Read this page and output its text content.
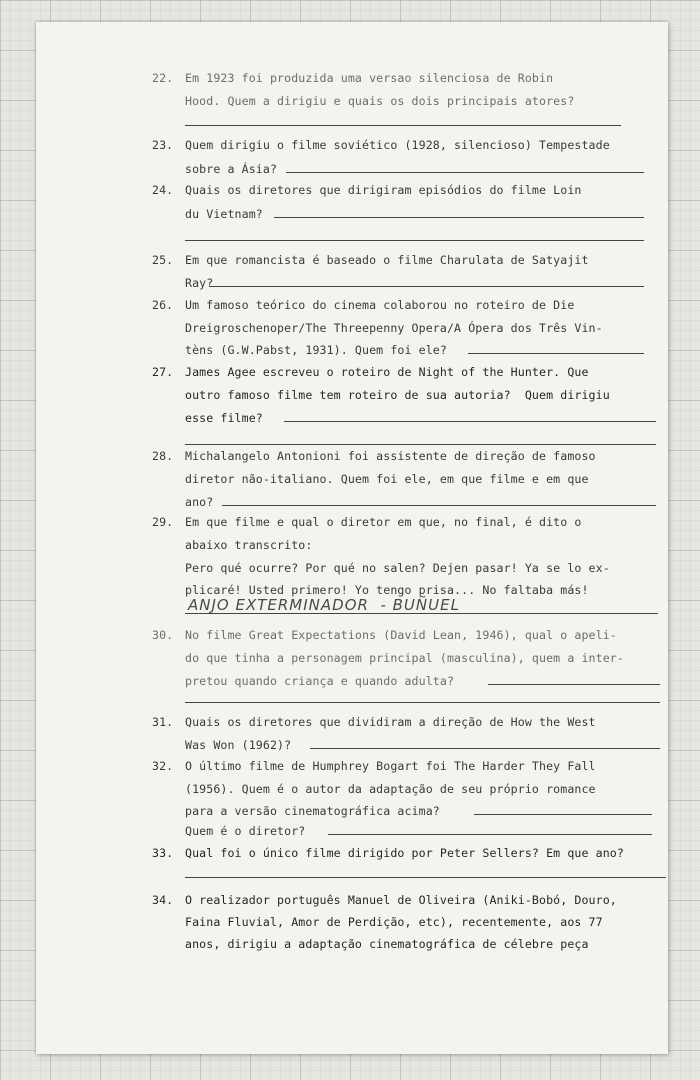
22. Em 1923 foi produzida uma versao silenciosa de Robin
Hood. Quem a dirigiu e quais os dois principais atores?
23. Quem dirigiu o filme soviético (1928, silencioso) Tempestade
sobre a Ásia?
24. Quais os diretores que dirigiram episódios do filme Loin
du Vietnam?
25. Em que romancista é baseado o filme Charulata de Satyajit
Ray?
26. Um famoso teórico do cinema colaborou no roteiro de Die
Dreigroschenoper/The Threepenny Opera/A Ópera dos Três Vin-
tèns (G.W.Pabst, 1931). Quem foi ele?
27. James Agee escreveu o roteiro de Night of the Hunter. Que
outro famoso filme tem roteiro de sua autoria?  Quem dirigiu
esse filme?
28. Michalangelo Antonioni foi assistente de direção de famoso
diretor não-italiano. Quem foi ele, em que filme e em que
ano?
29. Em que filme e qual o diretor em que, no final, é dito o
abaixo transcrito:
Pero qué ocurre? Por qué no salen? Dejen pasar! Ya se lo ex-
plicaré! Usted primero! Yo tengo prisa... No faltaba más!
ANJO EXTERMINADOR  - BUÑUEL
30. No filme Great Expectations (David Lean, 1946), qual o apeli-
do que tinha a personagem principal (masculina), quem a inter-
pretou quando criança e quando adulta?
31. Quais os diretores que dividiram a direção de How the West
Was Won (1962)?
32. O último filme de Humphrey Bogart foi The Harder They Fall
(1956). Quem é o autor da adaptação de seu próprio romance
para a versão cinematográfica acima?
Quem é o diretor?
33. Qual foi o único filme dirigido por Peter Sellers? Em que ano?
34. O realizador português Manuel de Oliveira (Aniki-Bobó, Douro,
Faina Fluvial, Amor de Perdição, etc), recentemente, aos 77
anos, dirigiu a adaptação cinematográfica de célebre peça
